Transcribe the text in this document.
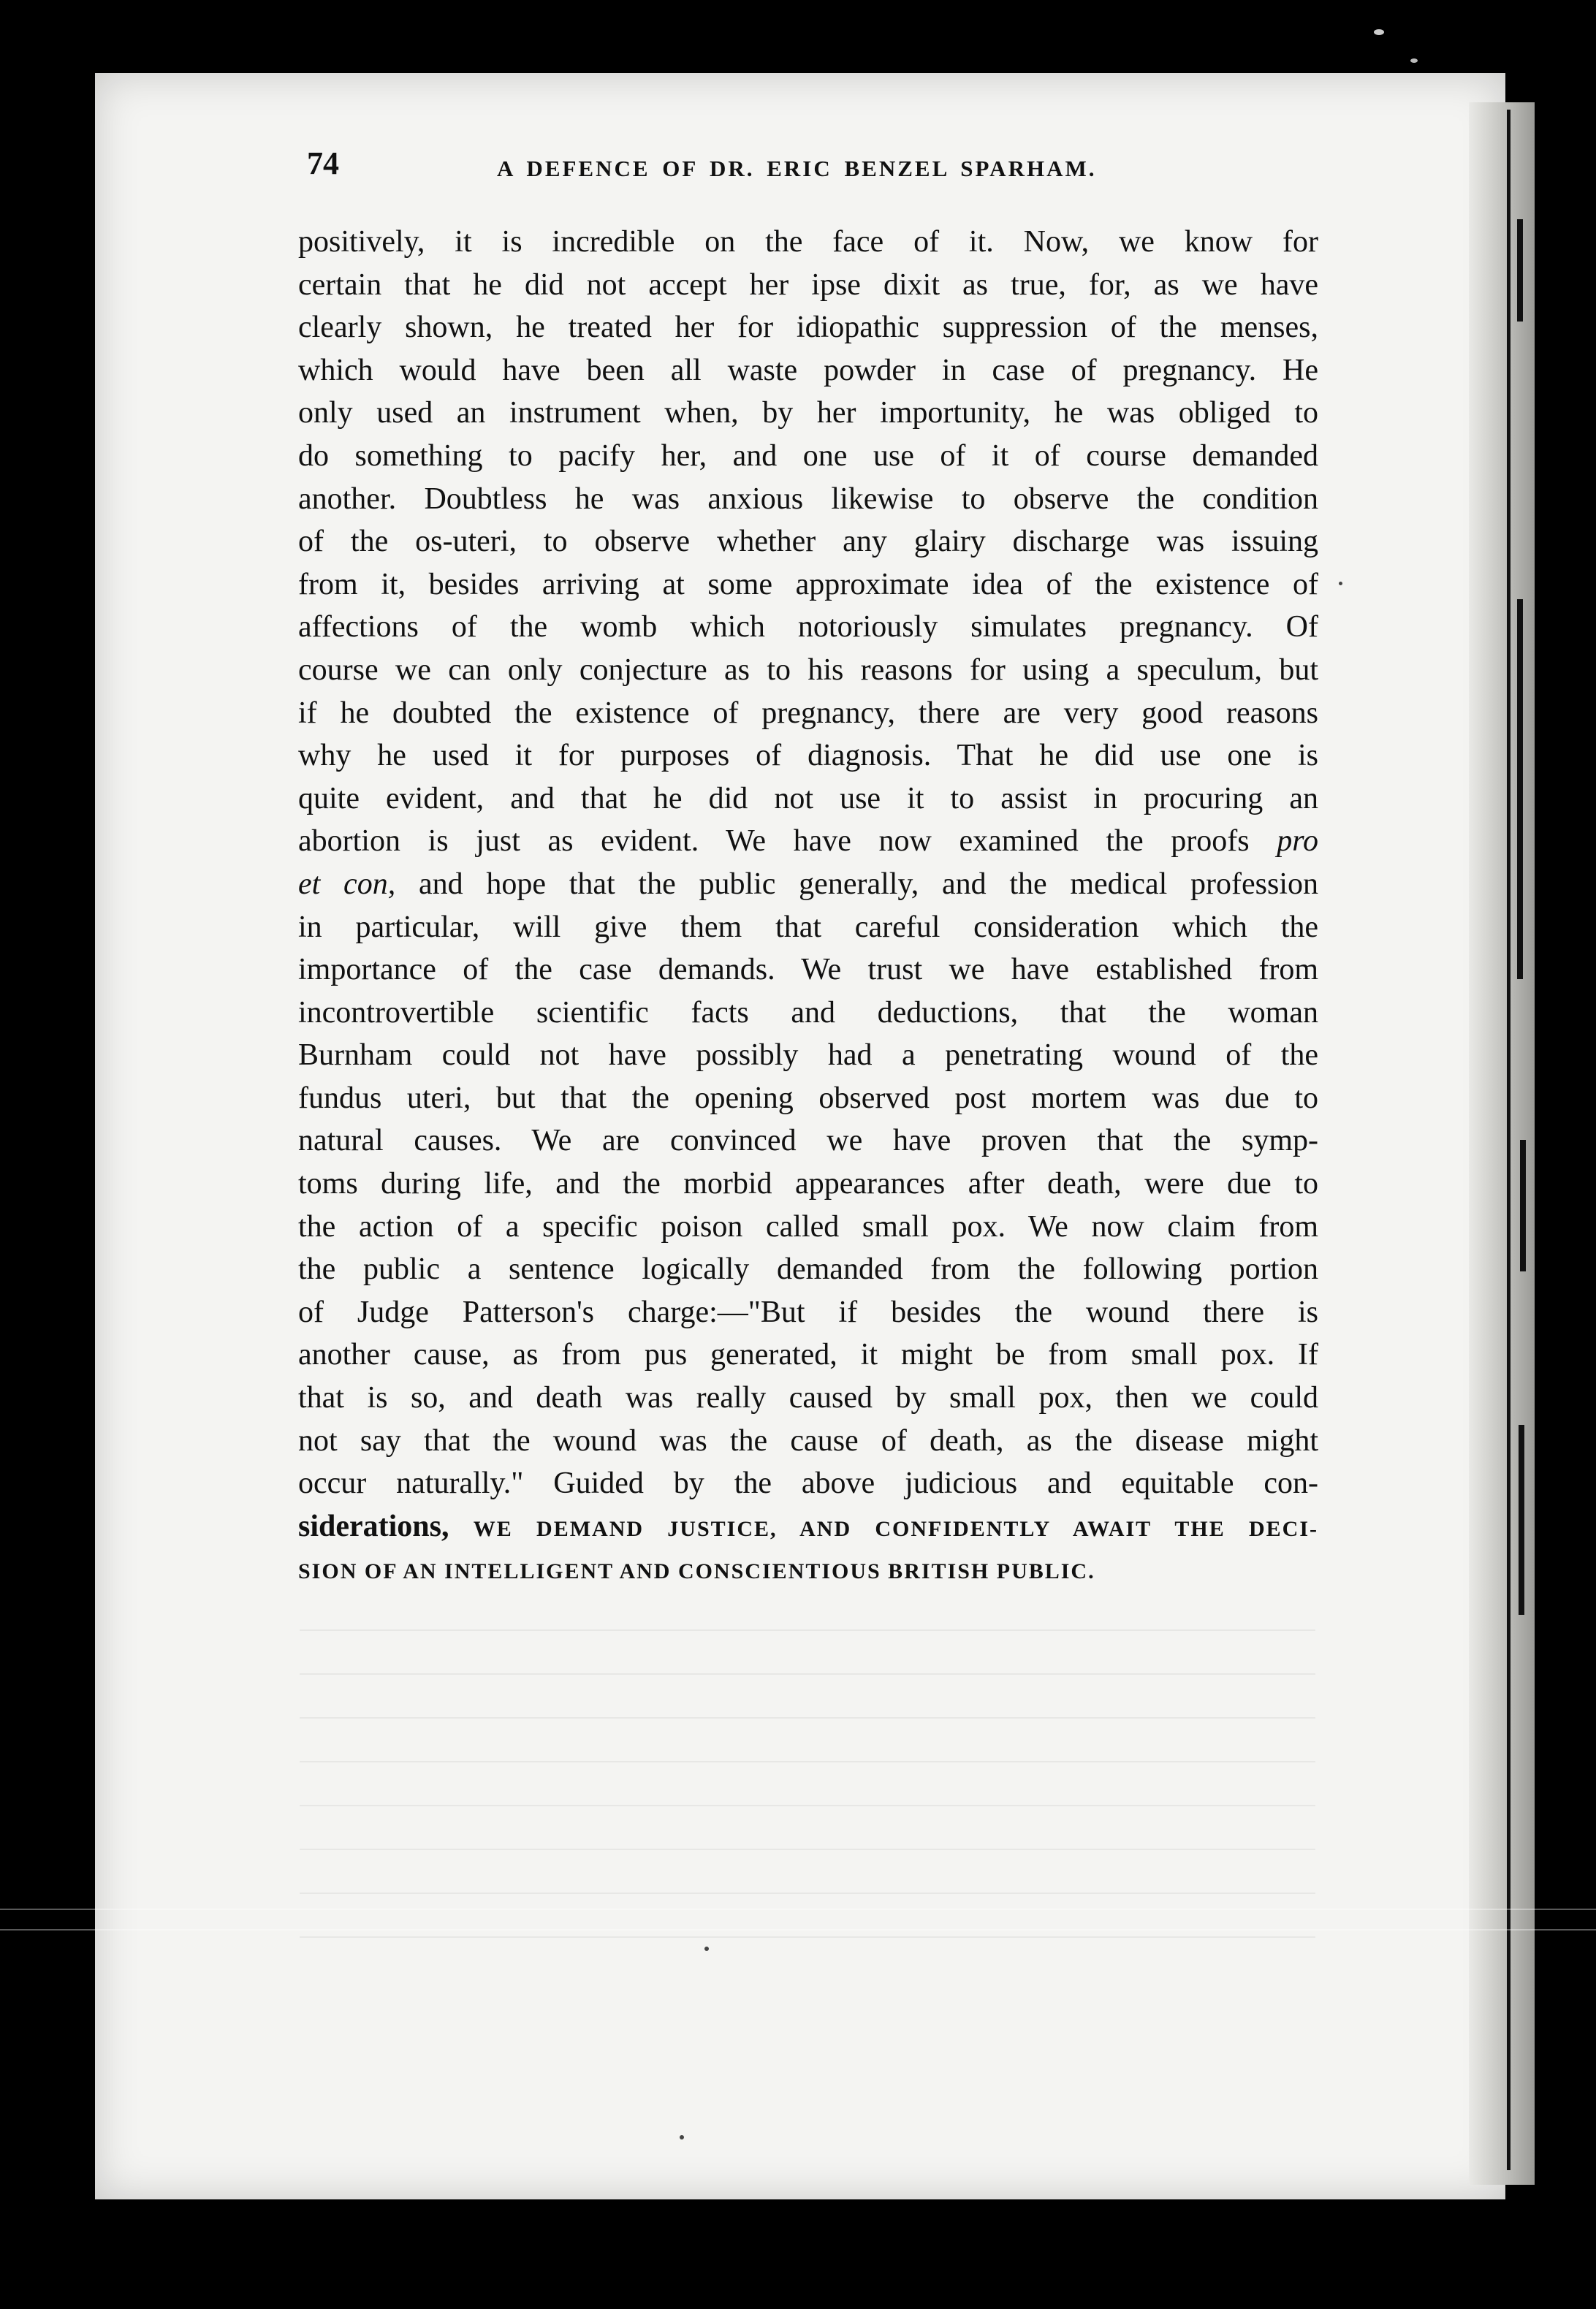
74	A DEFENCE OF DR. ERIC BENZEL SPARHAM.
positively, it is incredible on the face of it. Now, we know for
certain that he did not accept her ipse dixit as true, for, as we have
clearly shown, he treated her for idiopathic suppression of the menses,
which would have been all waste powder in case of pregnancy. He
only used an instrument when, by her importunity, he was obliged to
do something to pacify her, and one use of it of course demanded
another. Doubtless he was anxious likewise to observe the condition
of the os-uteri, to observe whether any glairy discharge was issuing
from it, besides arriving at some approximate idea of the existence of
affections of the womb which notoriously simulates pregnancy. Of
course we can only conjecture as to his reasons for using a speculum, but
if he doubted the existence of pregnancy, there are very good reasons
why he used it for purposes of diagnosis. That he did use one is
quite evident, and that he did not use it to assist in procuring an
abortion is just as evident. We have now examined the proofs pro
et con, and hope that the public generally, and the medical profession
in particular, will give them that careful consideration which the
importance of the case demands. We trust we have established from
incontrovertible scientific facts and deductions, that the woman
Burnham could not have possibly had a penetrating wound of the
fundus uteri, but that the opening observed post mortem was due to
natural causes. We are convinced we have proven that the symp-
toms during life, and the morbid appearances after death, were due to
the action of a specific poison called small pox. We now claim from
the public a sentence logically demanded from the following portion
of Judge Patterson's charge:—"But if besides the wound there is
another cause, as from pus generated, it might be from small pox. If
that is so, and death was really caused by small pox, then we could
not say that the wound was the cause of death, as the disease might
occur naturally." Guided by the above judicious and equitable con-
siderations, WE DEMAND JUSTICE, AND CONFIDENTLY AWAIT THE DECI-
SION OF AN INTELLIGENT AND CONSCIENTIOUS BRITISH PUBLIC.
